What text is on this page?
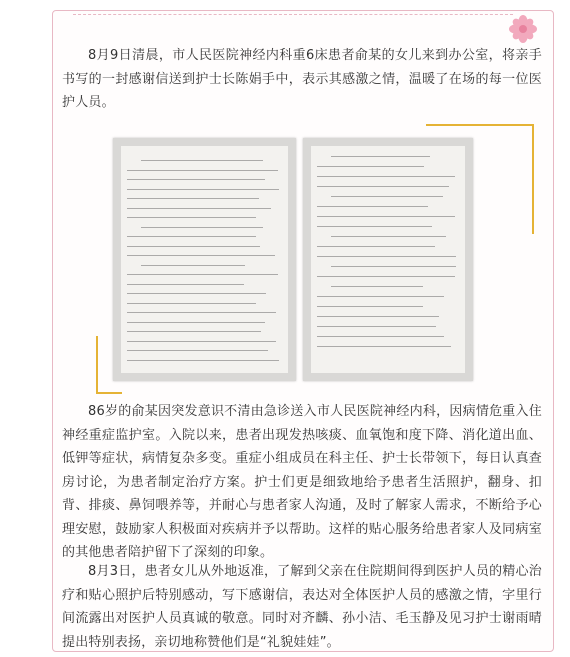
8月9日清晨，市人民医院神经内科重6床患者俞某的女儿来到办公室，将亲手书写的一封感谢信送到护士长陈娟手中，表示其感激之情，温暖了在场的每一位医护人员。
86岁的俞某因突发意识不清由急诊送入市人民医院神经内科，因病情危重入住神经重症监护室。入院以来，患者出现发热咳痰、血氧饱和度下降、消化道出血、低钾等症状，病情复杂多变。重症小组成员在科主任、护士长带领下，每日认真查房讨论，为患者制定治疗方案。护士们更是细致地给予患者生活照护，翻身、扣背、排痰、鼻饲喂养等，并耐心与患者家人沟通，及时了解家人需求，不断给予心理安慰，鼓励家人积极面对疾病并予以帮助。这样的贴心服务给患者家人及同病室的其他患者陪护留下了深刻的印象。
8月3日，患者女儿从外地返准，了解到父亲在住院期间得到医护人员的精心治疗和贴心照护后特别感动，写下感谢信，表达对全体医护人员的感激之情，字里行间流露出对医护人员真诚的敬意。同时对齐麟、孙小洁、毛玉静及见习护士谢雨晴提出特别表扬，亲切地称赞他们是“礼貌娃娃”。
